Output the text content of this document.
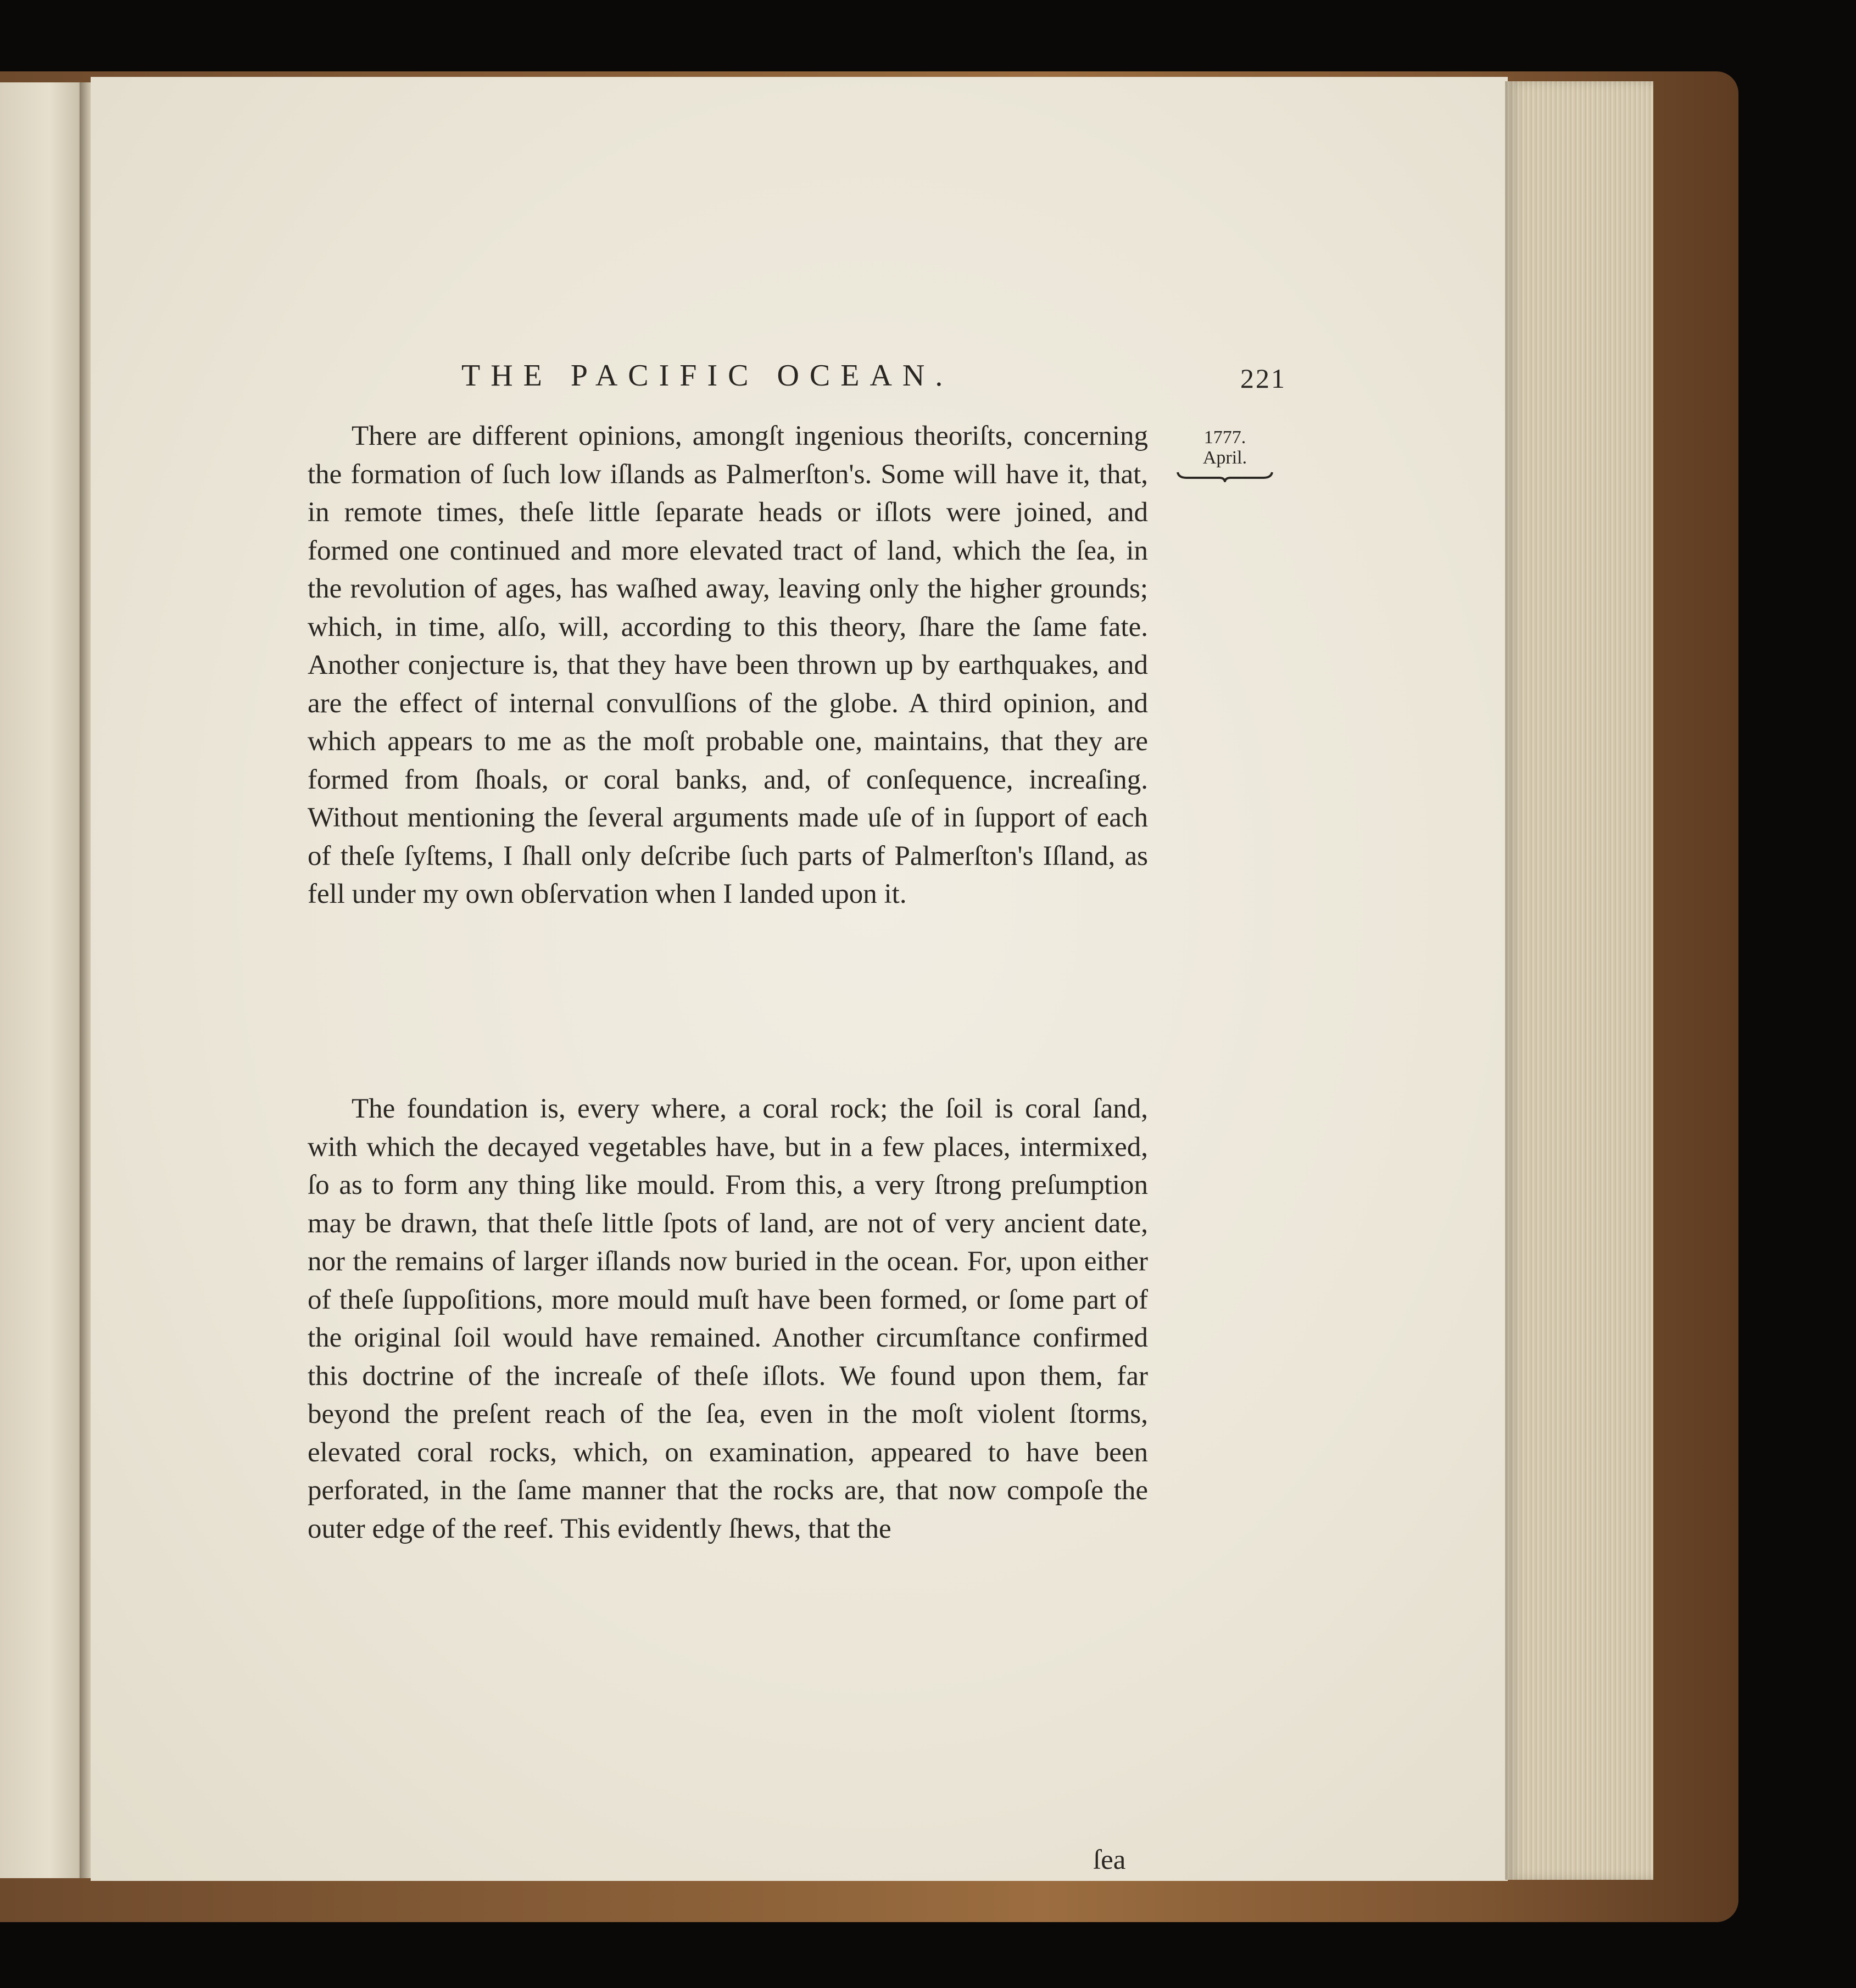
THE PACIFIC OCEAN.	221
1777.
April.

There are different opinions, amongſt ingenious theoriſts, concerning the formation of ſuch low iſlands as Palmerſton's. Some will have it, that, in remote times, theſe little ſeparate heads or iſlots were joined, and formed one continued and more elevated tract of land, which the ſea, in the revolution of ages, has waſhed away, leaving only the higher grounds; which, in time, alſo, will, according to this theory, ſhare the ſame fate. Another conjecture is, that they have been thrown up by earthquakes, and are the effect of internal convulſions of the globe. A third opinion, and which appears to me as the moſt probable one, maintains, that they are formed from ſhoals, or coral banks, and, of conſequence, increaſing. Without mentioning the ſeveral arguments made uſe of in ſupport of each of theſe ſyſtems, I ſhall only deſcribe ſuch parts of Palmerſton's Iſland, as fell under my own obſervation when I landed upon it.

The foundation is, every where, a coral rock; the ſoil is coral ſand, with which the decayed vegetables have, but in a few places, intermixed, ſo as to form any thing like mould. From this, a very ſtrong preſumption may be drawn, that theſe little ſpots of land, are not of very ancient date, nor the remains of larger iſlands now buried in the ocean. For, upon either of theſe ſuppoſitions, more mould muſt have been formed, or ſome part of the original ſoil would have remained. Another circumſtance confirmed this doctrine of the increaſe of theſe iſlots. We found upon them, far beyond the preſent reach of the ſea, even in the moſt violent ſtorms, elevated coral rocks, which, on examination, appeared to have been perforated, in the ſame manner that the rocks are, that now compoſe the outer edge of the reef. This evidently ſhews, that the

ſea
